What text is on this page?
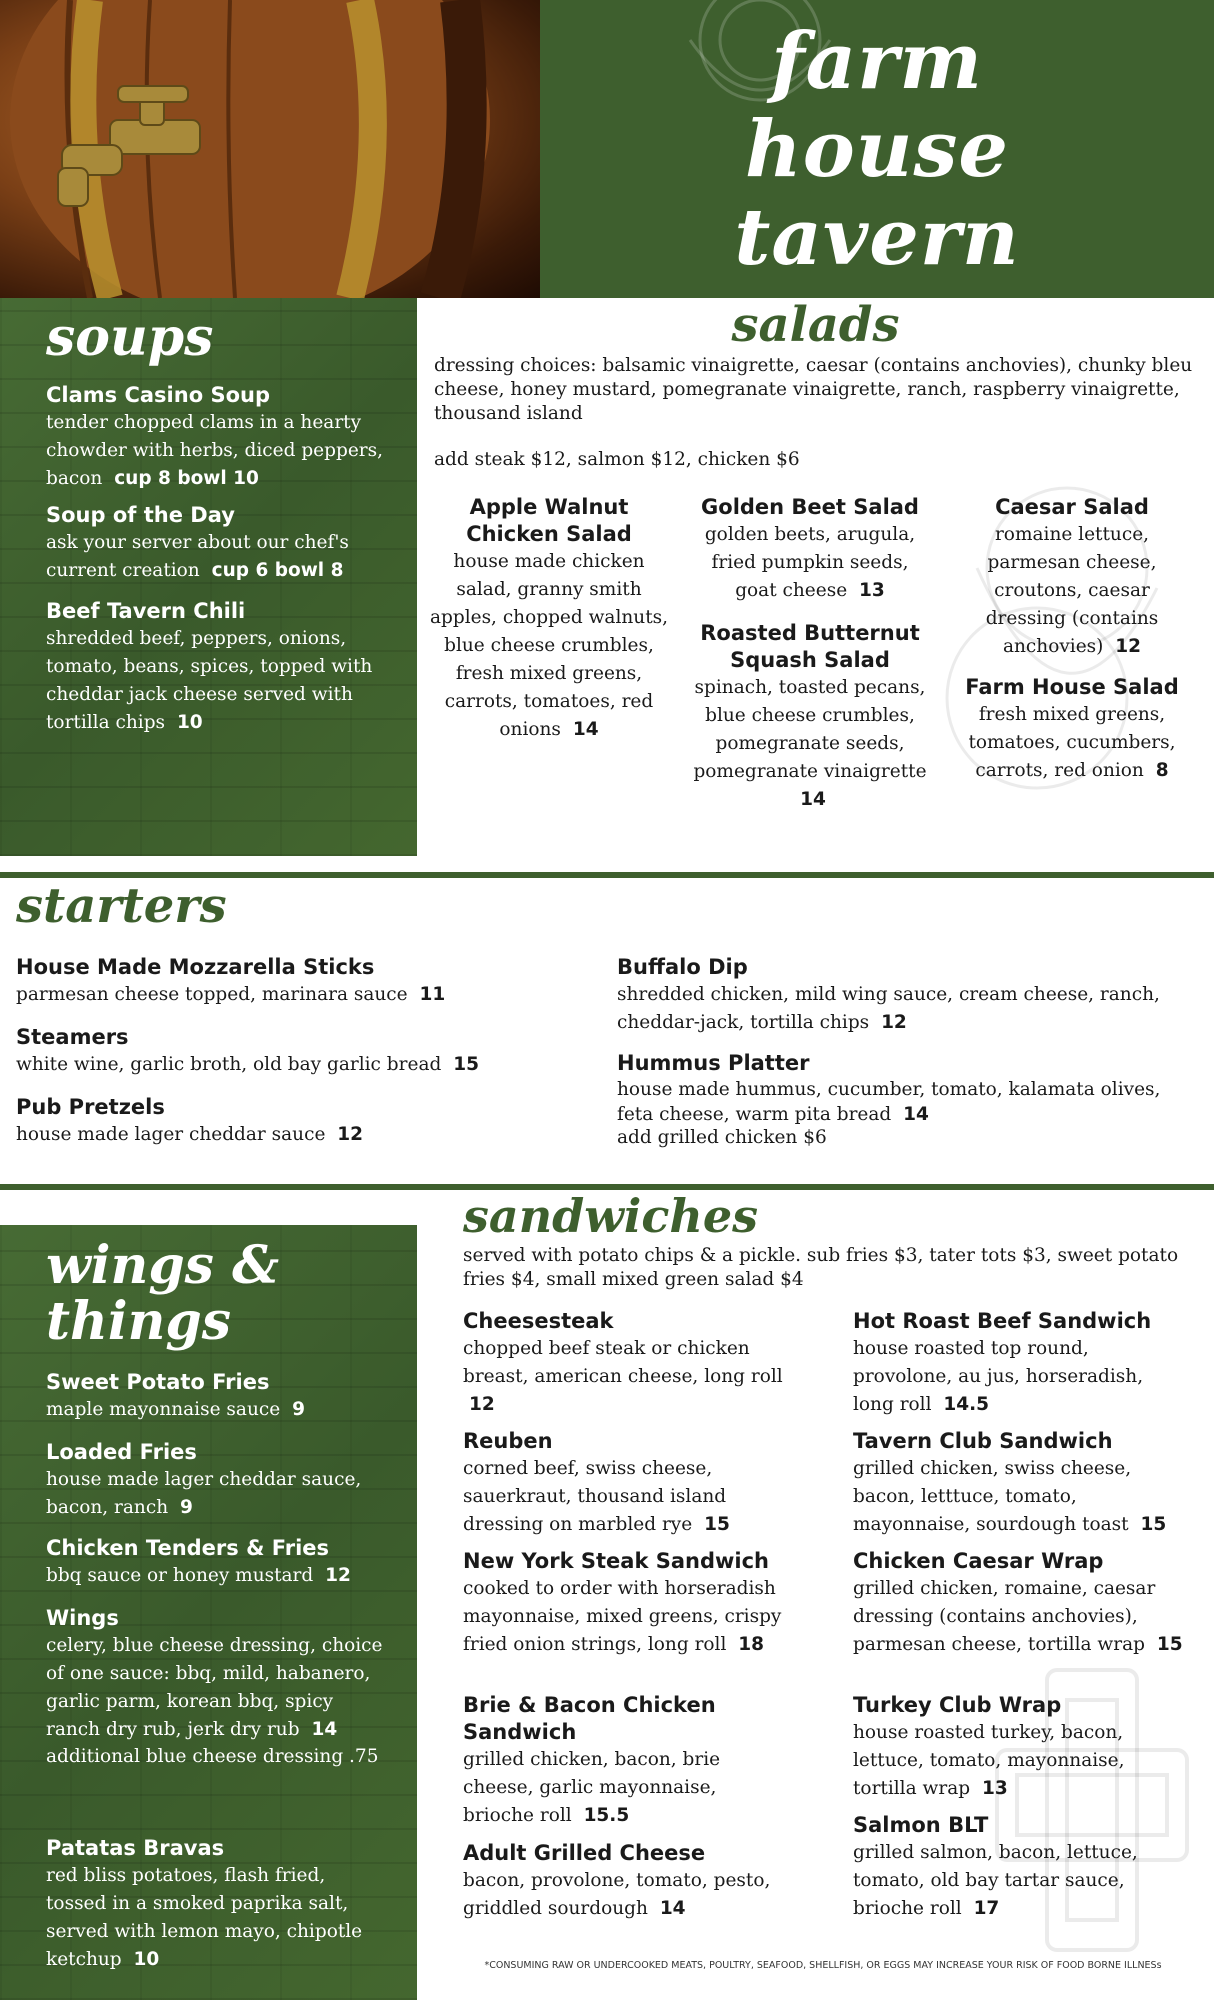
farm
house
tavern
soups
Clams Casino Soup
tender chopped clams in a hearty chowder with herbs, diced peppers, bacon cup 8 bowl 10
Soup of the Day
ask your server about our chef's current creation cup 6 bowl 8
Beef Tavern Chili
shredded beef, peppers, onions, tomato, beans, spices, topped with cheddar jack cheese served with tortilla chips 10
salads
dressing choices: balsamic vinaigrette, caesar (contains anchovies), chunky bleu cheese, honey mustard, pomegranate vinaigrette, ranch, raspberry vinaigrette, thousand island
add steak $12, salmon $12, chicken $6
Apple Walnut Chicken Salad
house made chicken salad, granny smith apples, chopped walnuts, blue cheese crumbles, fresh mixed greens, carrots, tomatoes, red onions 14
Golden Beet Salad
golden beets, arugula, fried pumpkin seeds, goat cheese 13
Roasted Butternut Squash Salad
spinach, toasted pecans, blue cheese crumbles, pomegranate seeds, pomegranate vinaigrette 14
Caesar Salad
romaine lettuce, parmesan cheese, croutons, caesar dressing (contains anchovies) 12
Farm House Salad
fresh mixed greens, tomatoes, cucumbers, carrots, red onion 8
starters
House Made Mozzarella Sticks
parmesan cheese topped, marinara sauce 11
Steamers
white wine, garlic broth, old bay garlic bread 15
Pub Pretzels
house made lager cheddar sauce 12
Buffalo Dip
shredded chicken, mild wing sauce, cream cheese, ranch, cheddar-jack, tortilla chips 12
Hummus Platter
house made hummus, cucumber, tomato, kalamata olives, feta cheese, warm pita bread 14
add grilled chicken $6
wings &
things
Sweet Potato Fries
maple mayonnaise sauce 9
Loaded Fries
house made lager cheddar sauce, bacon, ranch 9
Chicken Tenders & Fries
bbq sauce or honey mustard 12
Wings
celery, blue cheese dressing, choice of one sauce: bbq, mild, habanero, garlic parm, korean bbq, spicy ranch dry rub, jerk dry rub 14
additional blue cheese dressing .75
Patatas Bravas
red bliss potatoes, flash fried, tossed in a smoked paprika salt, served with lemon mayo, chipotle ketchup 10
sandwiches
served with potato chips & a pickle. sub fries $3, tater tots $3, sweet potato fries $4, small mixed green salad $4
Cheesesteak
chopped beef steak or chicken breast, american cheese, long roll 12
Reuben
corned beef, swiss cheese, sauerkraut, thousand island dressing on marbled rye 15
New York Steak Sandwich
cooked to order with horseradish mayonnaise, mixed greens, crispy fried onion strings, long roll 18
Brie & Bacon Chicken Sandwich
grilled chicken, bacon, brie cheese, garlic mayonnaise, brioche roll 15.5
Adult Grilled Cheese
bacon, provolone, tomato, pesto, griddled sourdough 14
Hot Roast Beef Sandwich
house roasted top round, provolone, au jus, horseradish, long roll 14.5
Tavern Club Sandwich
grilled chicken, swiss cheese, bacon, letttuce, tomato, mayonnaise, sourdough toast 15
Chicken Caesar Wrap
grilled chicken, romaine, caesar dressing (contains anchovies), parmesan cheese, tortilla wrap 15
Turkey Club Wrap
house roasted turkey, bacon, lettuce, tomato, mayonnaise, tortilla wrap 13
Salmon BLT
grilled salmon, bacon, lettuce, tomato, old bay tartar sauce, brioche roll 17
*CONSUMING RAW OR UNDERCOOKED MEATS, POULTRY, SEAFOOD, SHELLFISH, OR EGGS MAY INCREASE YOUR RISK OF FOOD BORNE ILLNESs
